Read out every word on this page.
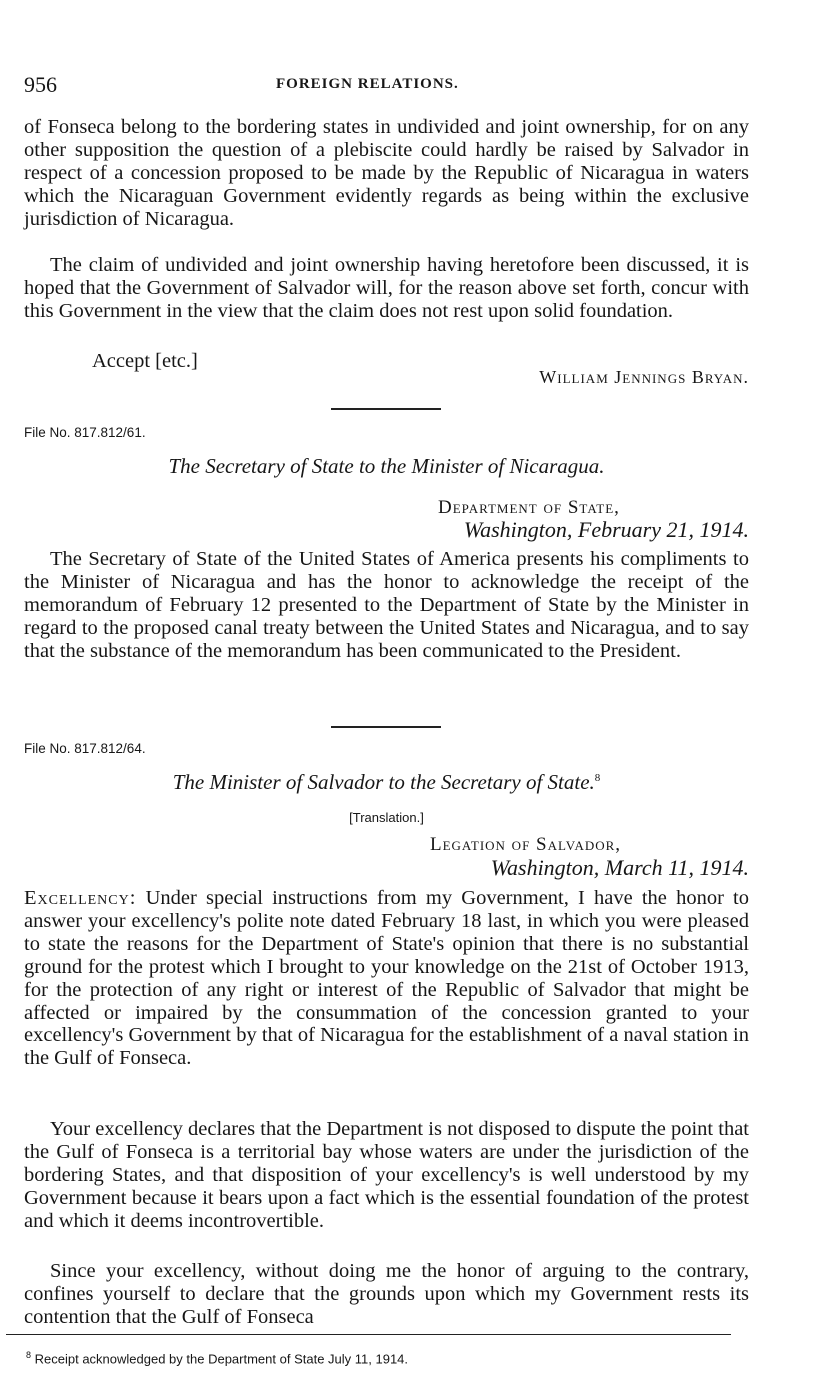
956	FOREIGN RELATIONS.

of Fonseca belong to the bordering states in undivided and joint ownership, for on any other supposition the question of a plebiscite could hardly be raised by Salvador in respect of a concession proposed to be made by the Republic of Nicaragua in waters which the Nicaraguan Government evidently regards as being within the exclusive jurisdiction of Nicaragua.

The claim of undivided and joint ownership having heretofore been discussed, it is hoped that the Government of Salvador will, for the reason above set forth, concur with this Government in the view that the claim does not rest upon solid foundation.

Accept [etc.]
William Jennings Bryan.
File No. 817.812/61.

The Secretary of State to the Minister of Nicaragua.

Department of State,
Washington, February 21, 1914.

The Secretary of State of the United States of America presents his compliments to the Minister of Nicaragua and has the honor to acknowledge the receipt of the memorandum of February 12 presented to the Department of State by the Minister in regard to the proposed canal treaty between the United States and Nicaragua, and to say that the substance of the memorandum has been communicated to the President.

File No. 817.812/64.

The Minister of Salvador to the Secretary of State.$^8$

[Translation.]

Legation of Salvador,
Washington, March 11, 1914.

Excellency: Under special instructions from my Government, I have the honor to answer your excellency's polite note dated February 18 last, in which you were pleased to state the reasons for the Department of State's opinion that there is no substantial ground for the protest which I brought to your knowledge on the 21st of October 1913, for the protection of any right or interest of the Republic of Salvador that might be affected or impaired by the consummation of the concession granted to your excellency's Government by that of Nicaragua for the establishment of a naval station in the Gulf of Fonseca.

Your excellency declares that the Department is not disposed to dispute the point that the Gulf of Fonseca is a territorial bay whose waters are under the jurisdiction of the bordering States, and that disposition of your excellency's is well understood by my Government because it bears upon a fact which is the essential foundation of the protest and which it deems incontrovertible.

Since your excellency, without doing me the honor of arguing to the contrary, confines yourself to declare that the grounds upon which my Government rests its contention that the Gulf of Fonseca

$^8$ Receipt acknowledged by the Department of State July 11, 1914.
